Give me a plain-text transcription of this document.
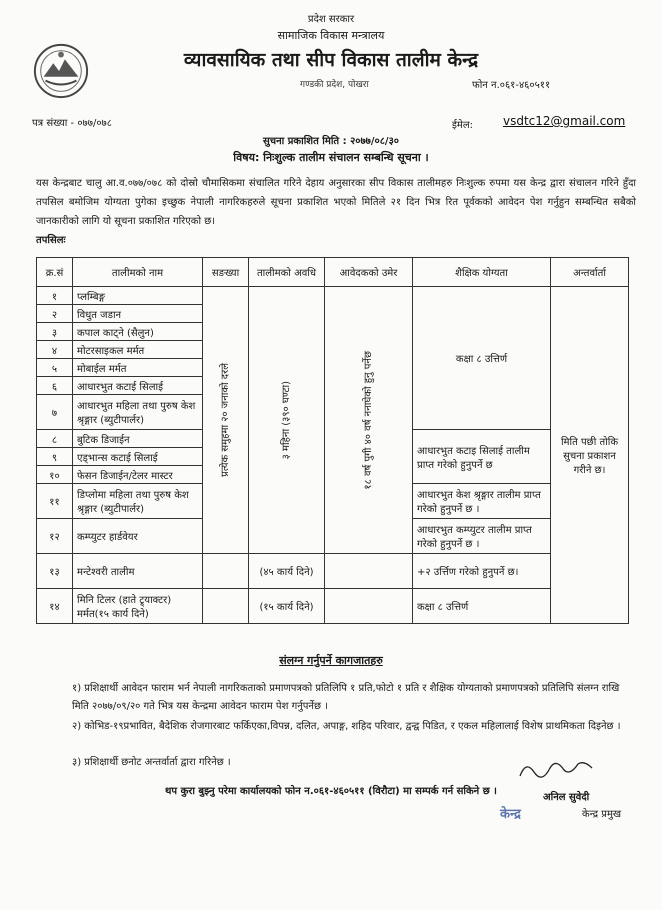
प्रदेश सरकार
सामाजिक विकास मन्त्रालय
व्यावसायिक तथा सीप विकास तालीम केन्द्र
गण्डकी प्रदेश, पोखरा	फोन न.०६१-४६०५११
पत्र संख्या - ०७७/०७८	ईमेल: vsdtc12@gmail.com
सुचना प्रकाशित मिति : २०७७/०८/३०
विषय: निःशुल्क तालीम संचालन सम्बन्धि सूचना ।
यस केन्द्रबाट चालु आ.व.०७७/०७८ को दोस्रो चौमासिकमा संचालित गरिने देहाय अनुसारका सीप विकास तालीमहरु निःशुल्क रुपमा यस केन्द्र द्वारा संचालन गरिने हुँदा तपसिल बमोजिम योग्यता पुगेका इच्छुक नेपाली नागरिकहरुले सूचना प्रकाशित भएको मितिले २१ दिन भित्र रित पूर्वकको आवेदन पेश गर्नुहुन सम्बन्धित सबैको जानकारीको लागि यो सूचना प्रकाशित गरिएको छ।
तपसिलः
क्र.सं	तालीमको नाम	सङख्या	तालीमको अवधि	आवेदकको उमेर	शैक्षिक योग्यता	अन्तर्वार्ता
१	प्लम्बिङ्ग	प्रत्येक समुहमा २० जनाको दरले	३ महिना (३९० घण्टा)	१८ वर्ष पुगी ४० वर्ष ननाघेको हुनु पर्नेछ	कक्षा ८ उत्तिर्ण	मिति पछी तोकि सुचना प्रकाशन गरीने छ।
२	विधुत जडान					
३	कपाल काट्ने (सैलुन)					
४	मोटरसाइकल मर्मत					
५	मोबाईल मर्मत					
६	आधारभुत कटाई सिलाई					
७	आधारभुत महिला तथा पुरुष केश श्रृङ्गार (ब्युटीपार्लर)					
८	बुटिक डिजाईन				आधारभुत कटाइ सिलाई तालीम प्राप्त गरेको हुनुपर्ने छ	
९	एड्भान्स कटाई सिलाई					
१०	फेसन डिजाईन/टेलर मास्टर					
११	डिप्लोमा महिला तथा पुरुष केश श्रृङ्गार (ब्युटीपार्लर)				आधारभुत केश श्रृङ्गार तालीम प्राप्त गरेको हुनुपर्ने छ ।	
१२	कम्प्युटर हार्डवेयर				आधारभुत कम्प्युटर तालीम प्राप्त गरेको हुनुपर्ने छ ।	
१३	मन्टेश्वरी तालीम		(४५ कार्य दिने)		+२ उर्त्तिण गरेको हुनुपर्ने छ।	
१४	मिनि टिलर (हाते ट्र्याक्टर) मर्मत(१५ कार्य दिने)		(१५ कार्य दिने)		कक्षा ८ उत्तिर्ण	
संलग्न गर्नुपर्ने कागजातहरु
१) प्रशिक्षार्थी आवेदन फाराम भर्न नेपाली नागरिकताको प्रमाणपत्रको प्रतिलिपि १ प्रति,फोटो १ प्रति र शैक्षिक योग्यताको प्रमाणपत्रको प्रतिलिपि संलग्न राखि मिति २०७७/०९/२० गते भित्र यस केन्द्रमा आवेदन फाराम पेश गर्नुपर्नेछ ।
२) कोभिड-१९प्रभावित, बैदेशिक रोजगारबाट फर्किएका,विपन्न, दलित, अपाङ्ग, शहिद परिवार, द्वन्द्व पिडित, र एकल महिलालाई विशेष प्राथमिकता दिइनेछ ।
३) प्रशिक्षार्थी छनोट अन्तर्वार्ता द्वारा गरिनेछ ।
थप कुरा बुझ्नु परेमा कार्यालयको फोन न.०६१-४६०५११ (विरौटा) मा सम्पर्क गर्न सकिने छ ।
अनिल सुवेदी
केन्द्र	केन्द्र प्रमुख
